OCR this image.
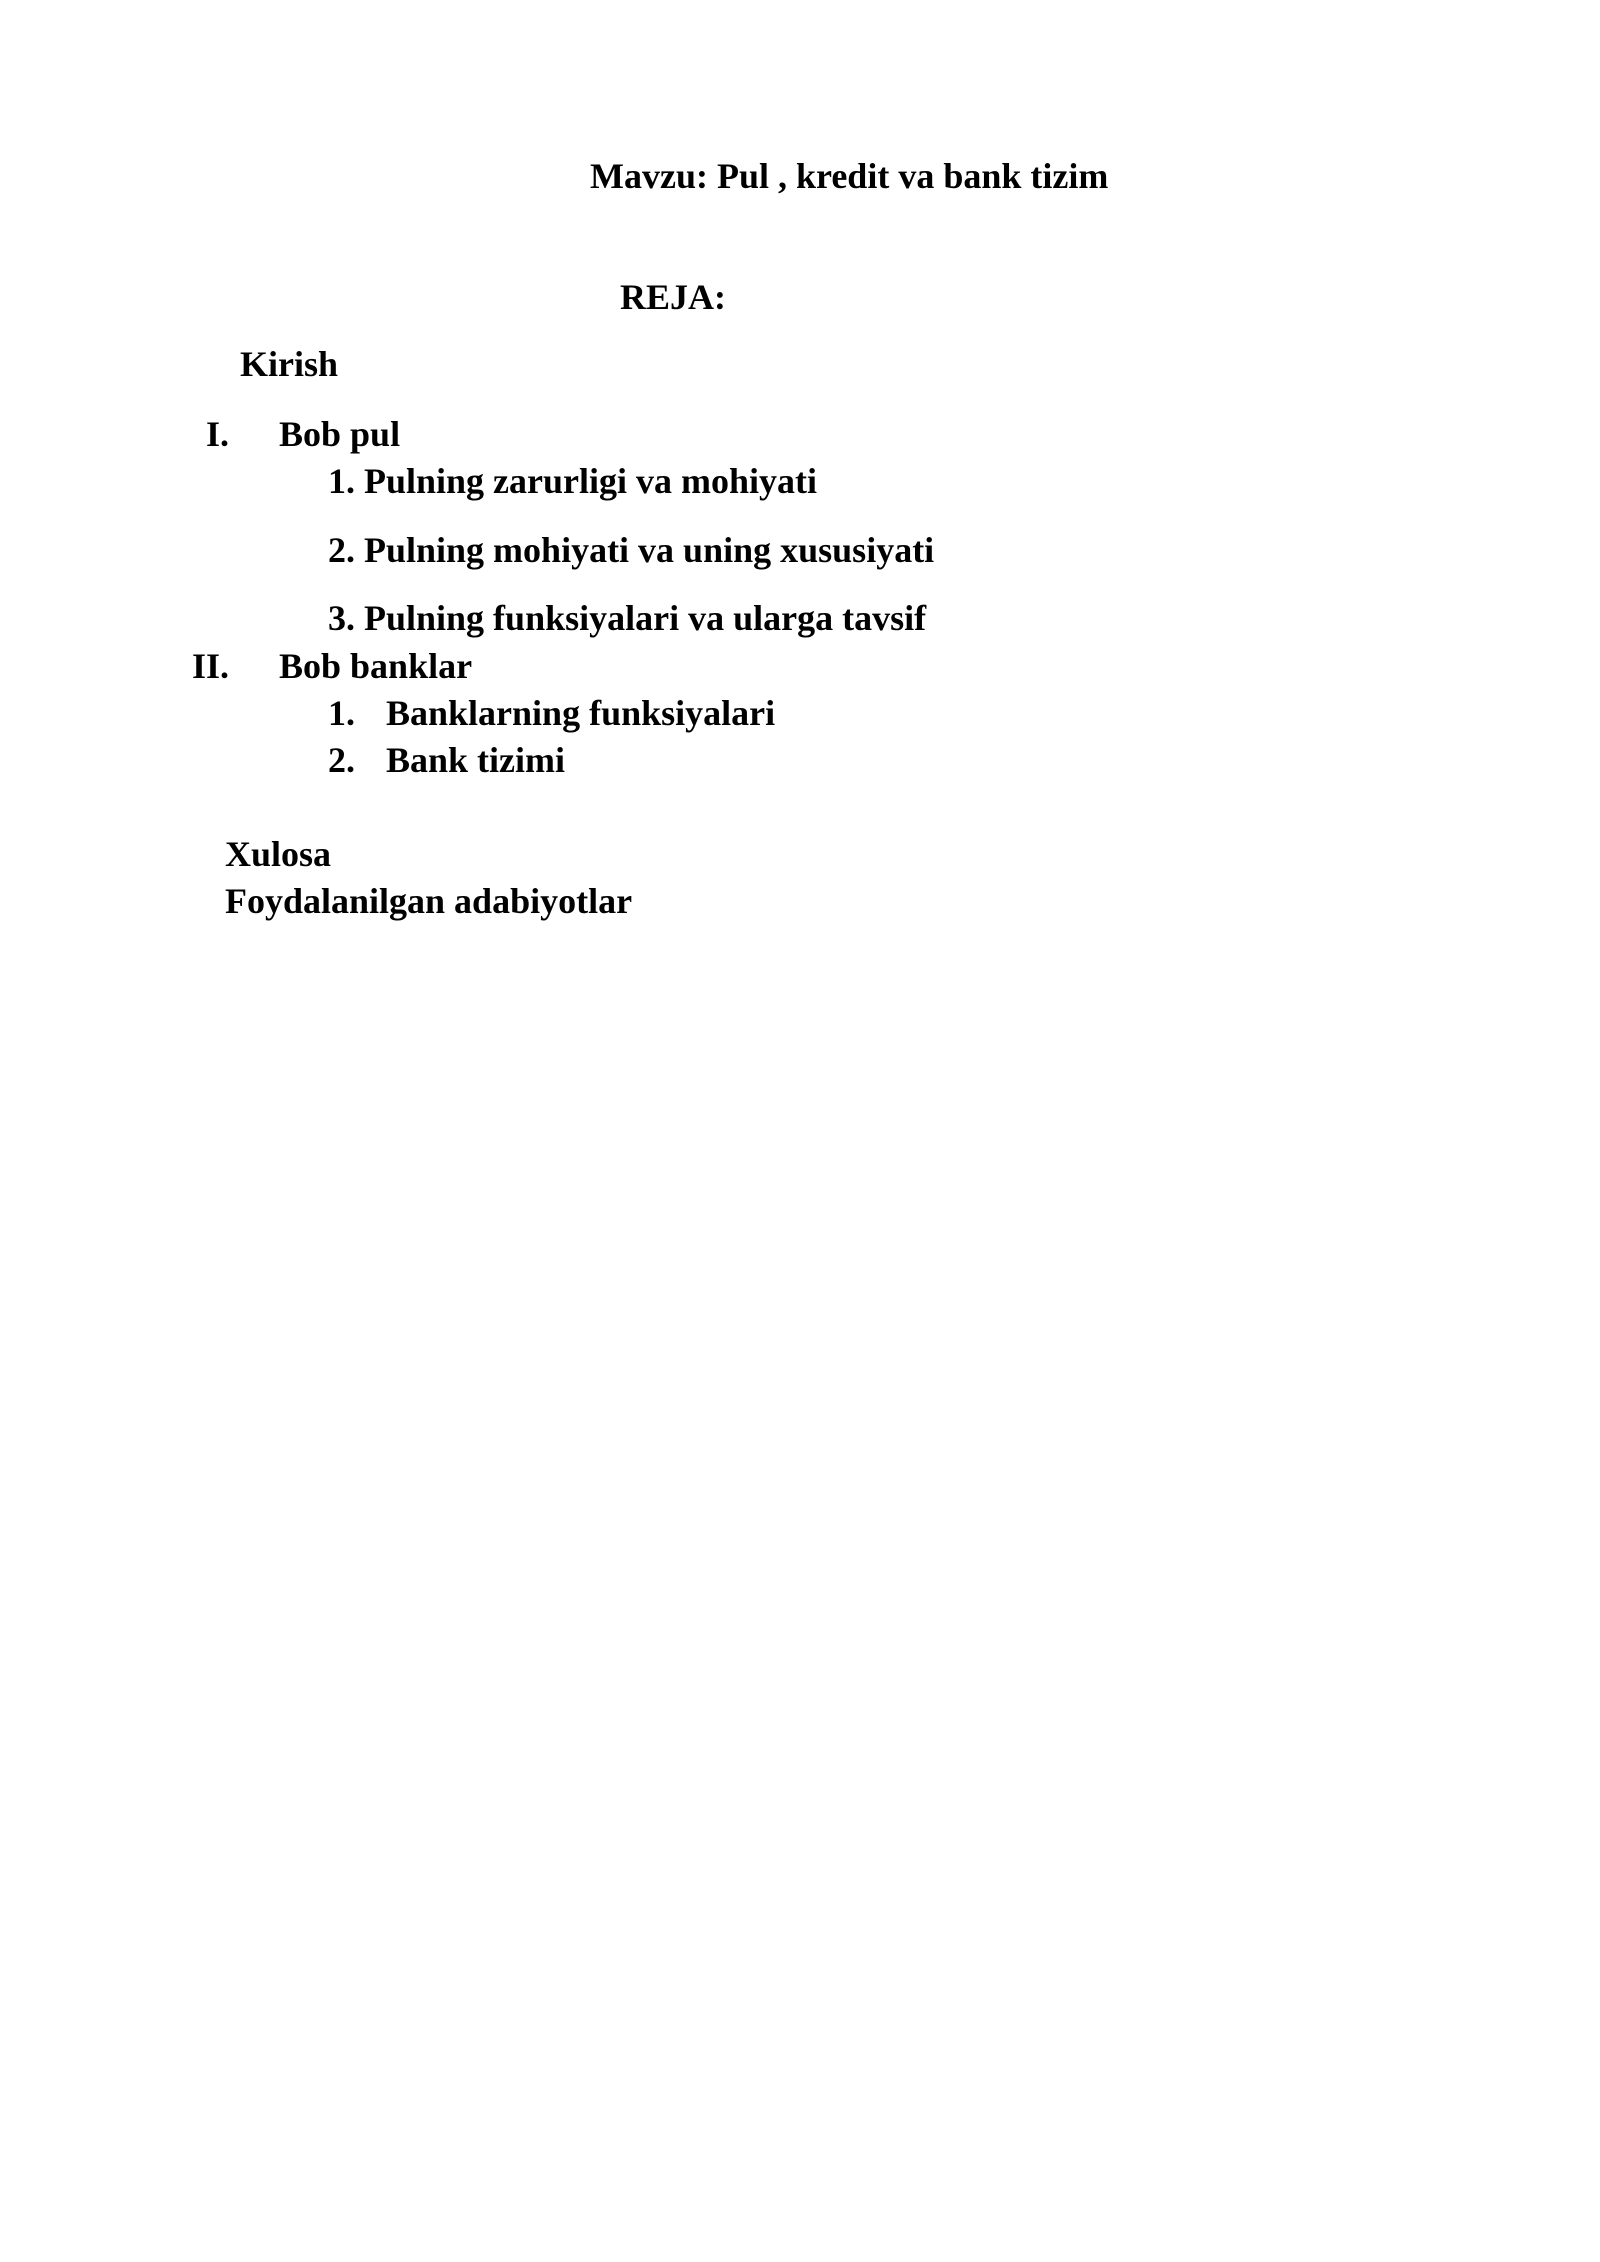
Mavzu: Pul , kredit va bank tizim
REJA:
Kirish
I. Bob pul
1. Pulning zarurligi va mohiyati
2. Pulning mohiyati va uning xususiyati
3. Pulning funksiyalari va ularga tavsif
II. Bob banklar
1. Banklarning funksiyalari
2. Bank tizimi
Xulosa
Foydalanilgan adabiyotlar
